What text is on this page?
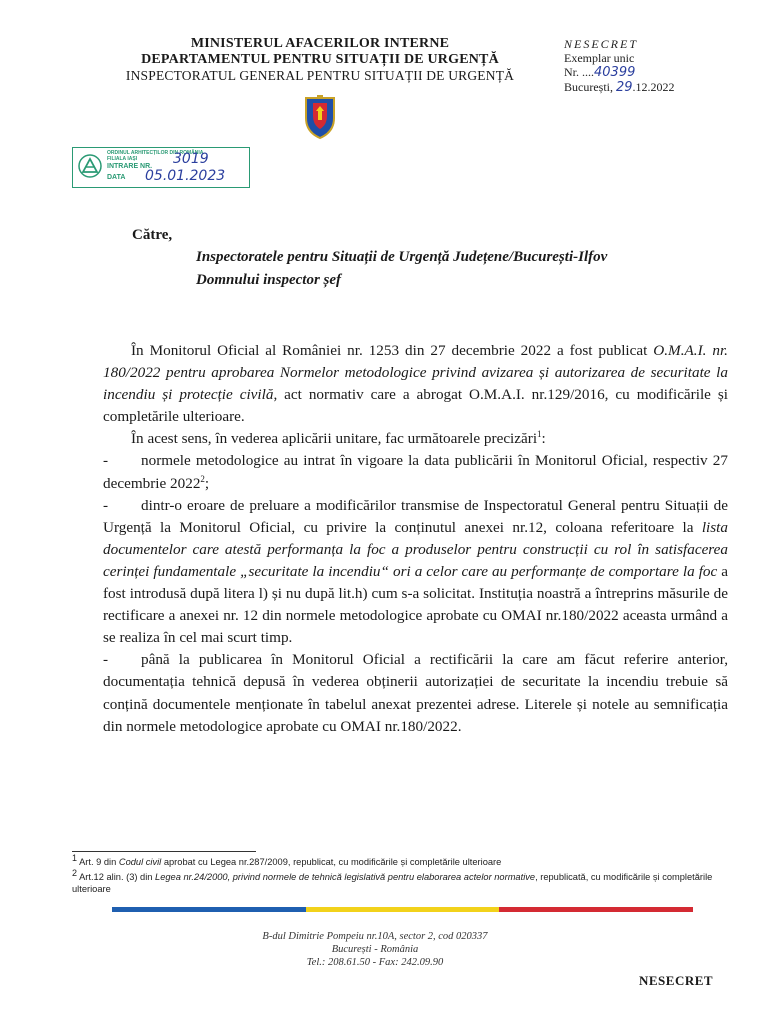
MINISTERUL AFACERILOR INTERNE
DEPARTAMENTUL PENTRU SITUAȚII DE URGENȚĂ
INSPECTORATUL GENERAL PENTRU SITUAȚII DE URGENȚĂ
NESECRET
Exemplar unic
Nr. ....40399
București, 29.12.2022
ORDINUL ARHITECȚILOR DIN ROMÂNIA
FILIALA IAȘI
INTRARE NR.
DATA
3019
05.01.2023
Către,
Inspectoratele pentru Situații de Urgență Județene/București-Ilfov
Domnului inspector șef

În Monitorul Oficial al României nr. 1253 din 27 decembrie 2022 a fost publicat O.M.A.I. nr. 180/2022 pentru aprobarea Normelor metodologice privind avizarea și autorizarea de securitate la incendiu și protecție civilă, act normativ care a abrogat O.M.A.I. nr.129/2016, cu modificările și completările ulterioare.

În acest sens, în vederea aplicării unitare, fac următoarele precizări$^1$:

- normele metodologice au intrat în vigoare la data publicării în Monitorul Oficial, respectiv 27 decembrie 2022$^2$;

- dintr-o eroare de preluare a modificărilor transmise de Inspectoratul General pentru Situații de Urgență la Monitorul Oficial, cu privire la conținutul anexei nr.12, coloana referitoare la lista documentelor care atestă performanța la foc a produselor pentru construcții cu rol în satisfacerea cerinței fundamentale „securitate la incendiu“ ori a celor care au performanțe de comportare la foc a fost introdusă după litera l) și nu după lit.h) cum s-a solicitat. Instituția noastră a întreprins măsurile de rectificare a anexei nr. 12 din normele metodologice aprobate cu OMAI nr.180/2022 aceasta urmând a se realiza în cel mai scurt timp.

- până la publicarea în Monitorul Oficial a rectificării la care am făcut referire anterior, documentația tehnică depusă în vederea obținerii autorizației de securitate la incendiu trebuie să conțină documentele menționate în tabelul anexat prezentei adrese. Literele și notele au semnificația din normele metodologice aprobate cu OMAI nr.180/2022.

$^1$ Art. 9 din Codul civil aprobat cu Legea nr.287/2009, republicat, cu modificările și completările ulterioare
$^2$ Art.12 alin. (3) din Legea nr.24/2000, privind normele de tehnică legislativă pentru elaborarea actelor normative, republicată, cu modificările și completările ulterioare
B-dul Dimitrie Pompeiu nr.10A, sector 2, cod 020337
București - România
Tel.: 208.61.50 - Fax: 242.09.90
NESECRET
